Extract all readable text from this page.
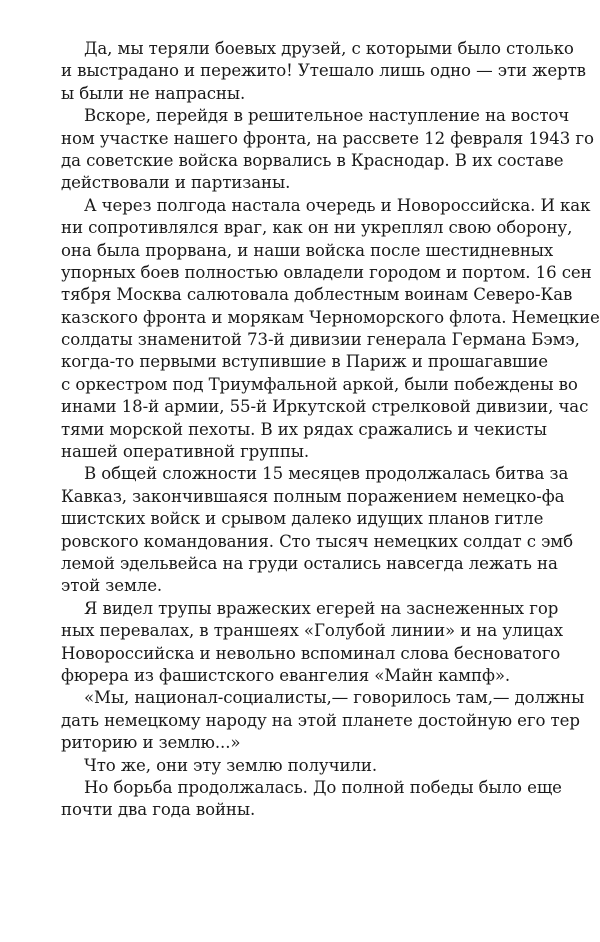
Да, мы теряли боевых друзей, с которыми было столько
и выстрадано и пережито! Утешало лишь одно — эти жертв
ы были не напрасны.
Вскоре, перейдя в решительное наступление на восточ
ном участке нашего фронта, на рассвете 12 февраля 1943 го
да советские войска ворвались в Краснодар. В их составе
действовали и партизаны.
А через полгода настала очередь и Новороссийска. И как
ни сопротивлялся враг, как он ни укреплял свою оборону,
она была прорвана, и наши войска после шестидневных
упорных боев полностью овладели городом и портом. 16 сен
тября Москва салютовала доблестным воинам Северо-Кав
казского фронта и морякам Черноморского флота. Немецкие
солдаты знаменитой 73-й дивизии генерала Германа Бэмэ,
когда-то первыми вступившие в Париж и прошагавшие
с оркестром под Триумфальной аркой, были побеждены во
инами 18-й армии, 55-й Иркутской стрелковой дивизии, час
тями морской пехоты. В их рядах сражались и чекисты
нашей оперативной группы.
В общей сложности 15 месяцев продолжалась битва за
Кавказ, закончившаяся полным поражением немецко-фа
шистских войск и срывом далеко идущих планов гитле
ровского командования. Сто тысяч немецких солдат с эмб
лемой эдельвейса на груди остались навсегда лежать на
этой земле.
Я видел трупы вражеских егерей на заснеженных гор
ных перевалах, в траншеях «Голубой линии» и на улицах
Новороссийска и невольно вспоминал слова бесноватого
фюрера из фашистского евангелия «Майн кампф».
«Мы, национал-социалисты,— говорилось там,— должны
дать немецкому народу на этой планете достойную его тер
риторию и землю...»
Что же, они эту землю получили.
Но борьба продолжалась. До полной победы было еще
почти два года войны.
